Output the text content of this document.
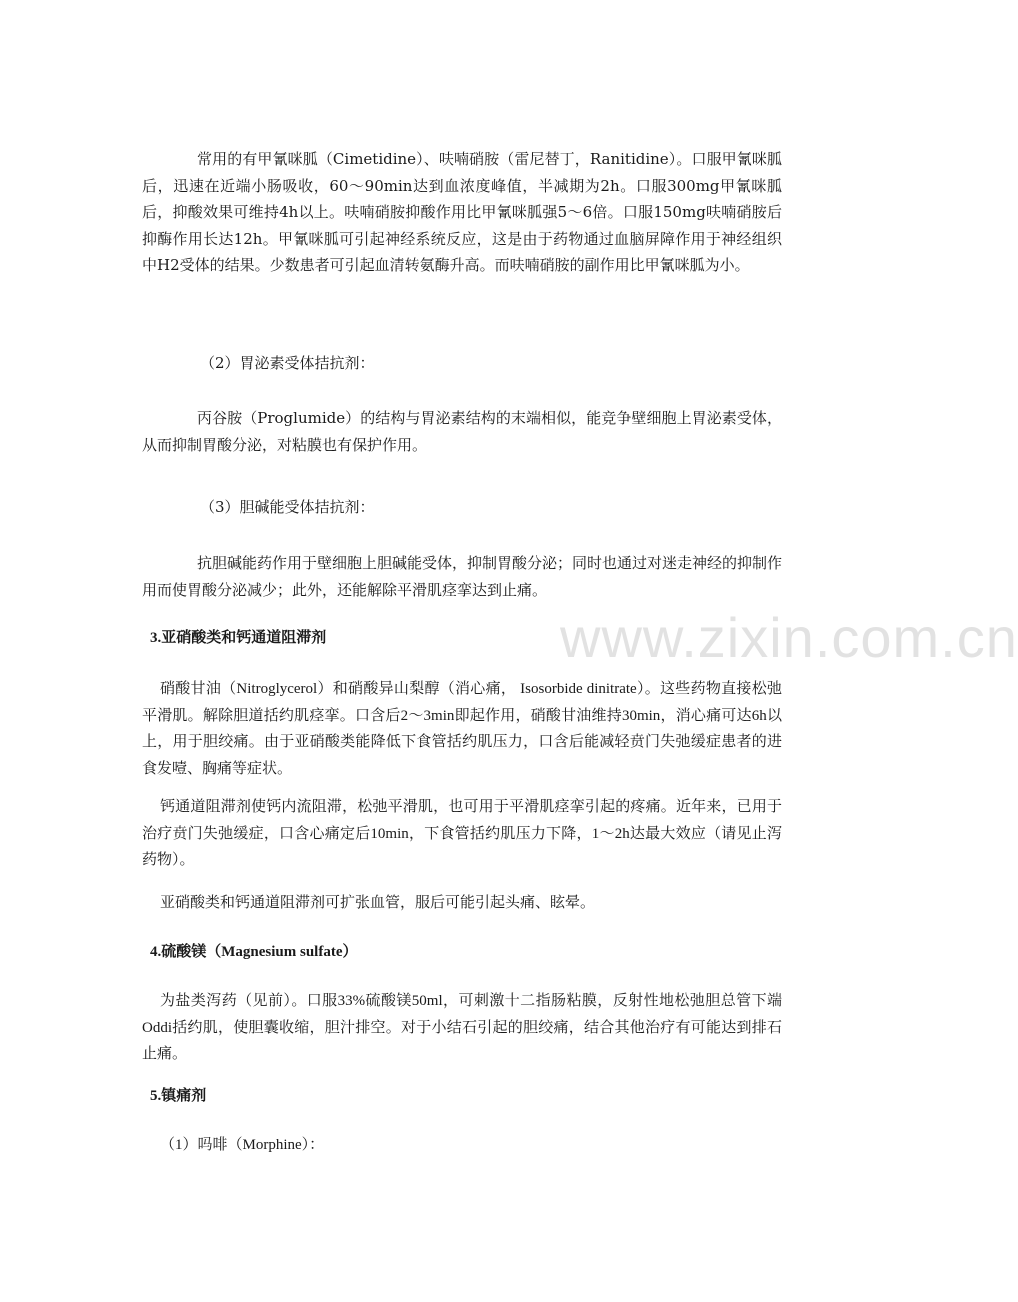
常用的有甲氰咪胍（Cimetidine）、呋喃硝胺（雷尼替丁，Ranitidine）。口服甲氰咪胍后，迅速在近端小肠吸收，60～90min达到血浓度峰值，半减期为2h。口服300mg甲氰咪胍后，抑酸效果可维持4h以上。呋喃硝胺抑酸作用比甲氰咪胍强5～6倍。口服150mg呋喃硝胺后抑酶作用长达12h。甲氰咪胍可引起神经系统反应，这是由于药物通过血脑屏障作用于神经组织中H2受体的结果。少数患者可引起血清转氨酶升高。而呋喃硝胺的副作用比甲氰咪胍为小。

（2）胃泌素受体拮抗剂：

丙谷胺（Proglumide）的结构与胃泌素结构的末端相似，能竞争壁细胞上胃泌素受体，从而抑制胃酸分泌，对粘膜也有保护作用。

（3）胆碱能受体拮抗剂：

抗胆碱能药作用于壁细胞上胆碱能受体，抑制胃酸分泌；同时也通过对迷走神经的抑制作用而使胃酸分泌减少；此外，还能解除平滑肌痉挛达到止痛。

3.亚硝酸类和钙通道阻滞剂

硝酸甘油（Nitroglycerol）和硝酸异山梨醇（消心痛， Isosorbide dinitrate）。这些药物直接松弛平滑肌。解除胆道括约肌痉挛。口含后2～3min即起作用，硝酸甘油维持30min，消心痛可达6h以上，用于胆绞痛。由于亚硝酸类能降低下食管括约肌压力，口含后能减轻贲门失弛缓症患者的进食发噎、胸痛等症状。

钙通道阻滞剂使钙内流阻滞，松弛平滑肌，也可用于平滑肌痉挛引起的疼痛。近年来，已用于治疗贲门失弛缓症，口含心痛定后10min，下食管括约肌压力下降，1～2h达最大效应（请见止泻药物）。

亚硝酸类和钙通道阻滞剂可扩张血管，服后可能引起头痛、眩晕。

4.硫酸镁（Magnesium sulfate）

为盐类泻药（见前）。口服33%硫酸镁50ml，可刺激十二指肠粘膜，反射性地松弛胆总管下端Oddi括约肌，使胆囊收缩，胆汁排空。对于小结石引起的胆绞痛，结合其他治疗有可能达到排石止痛。

5.镇痛剂

（1）吗啡（Morphine）：

www.zixin.com.cn
